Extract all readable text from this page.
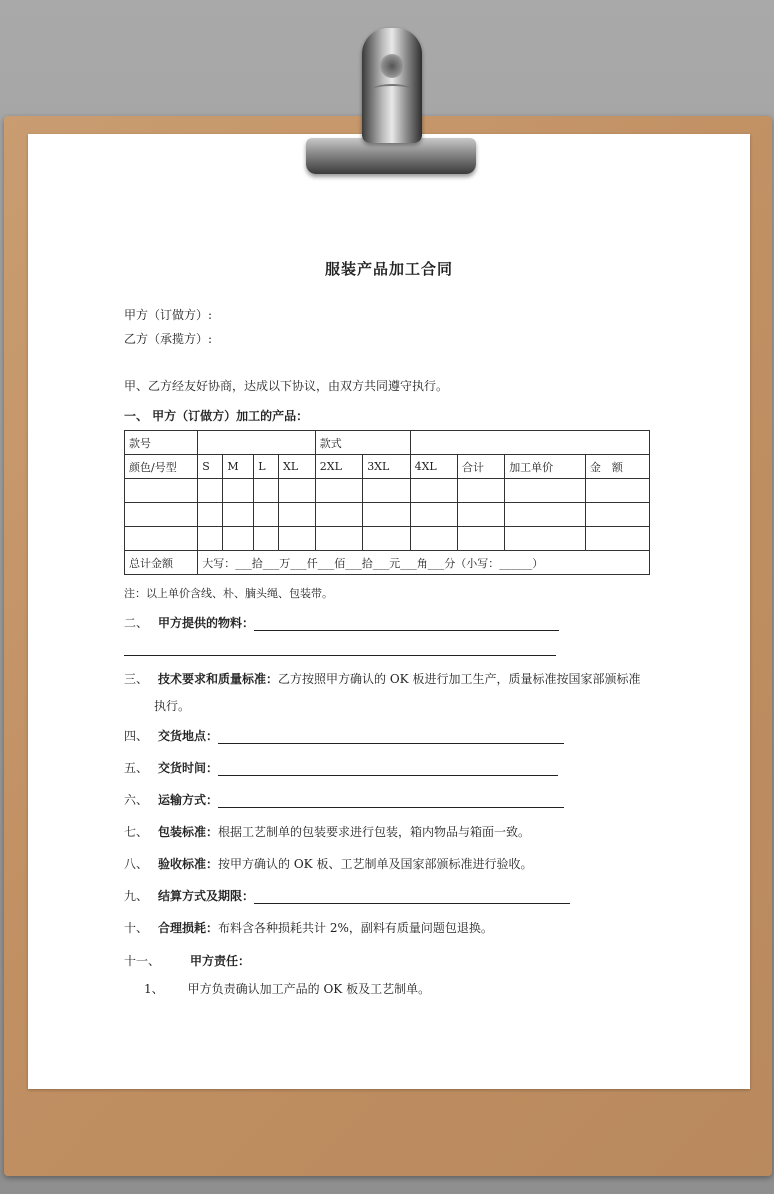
服装产品加工合同
甲方（订做方）:
乙方（承揽方）:
甲、乙方经友好协商，达成以下协议，由双方共同遵守执行。
一、 甲方（订做方）加工的产品：
款号					款式					
颜色/号型	S	M	L	XL	2XL	3XL	4XL	合计	加工单价	金　额

总计金额	大写：___拾___万___仟___佰___拾___元___角___分（小写：______）									
注：以上单价含线、朴、腩头绳、包装带。
二、 甲方提供的物料：
三、 技术要求和质量标准：乙方按照甲方确认的 OK 板进行加工生产，质量标准按国家部颁标准
执行。
四、 交货地点：
五、 交货时间：
六、 运输方式：
七、 包装标准：根据工艺制单的包装要求进行包装，箱内物品与箱面一致。
八、 验收标准：按甲方确认的 OK 板、工艺制单及国家部颁标准进行验收。
九、 结算方式及期限：
十、 合理损耗：布料含各种损耗共计 2%，副料有质量问题包退换。
十一、	甲方责任：
1、 甲方负责确认加工产品的 OK 板及工艺制单。
